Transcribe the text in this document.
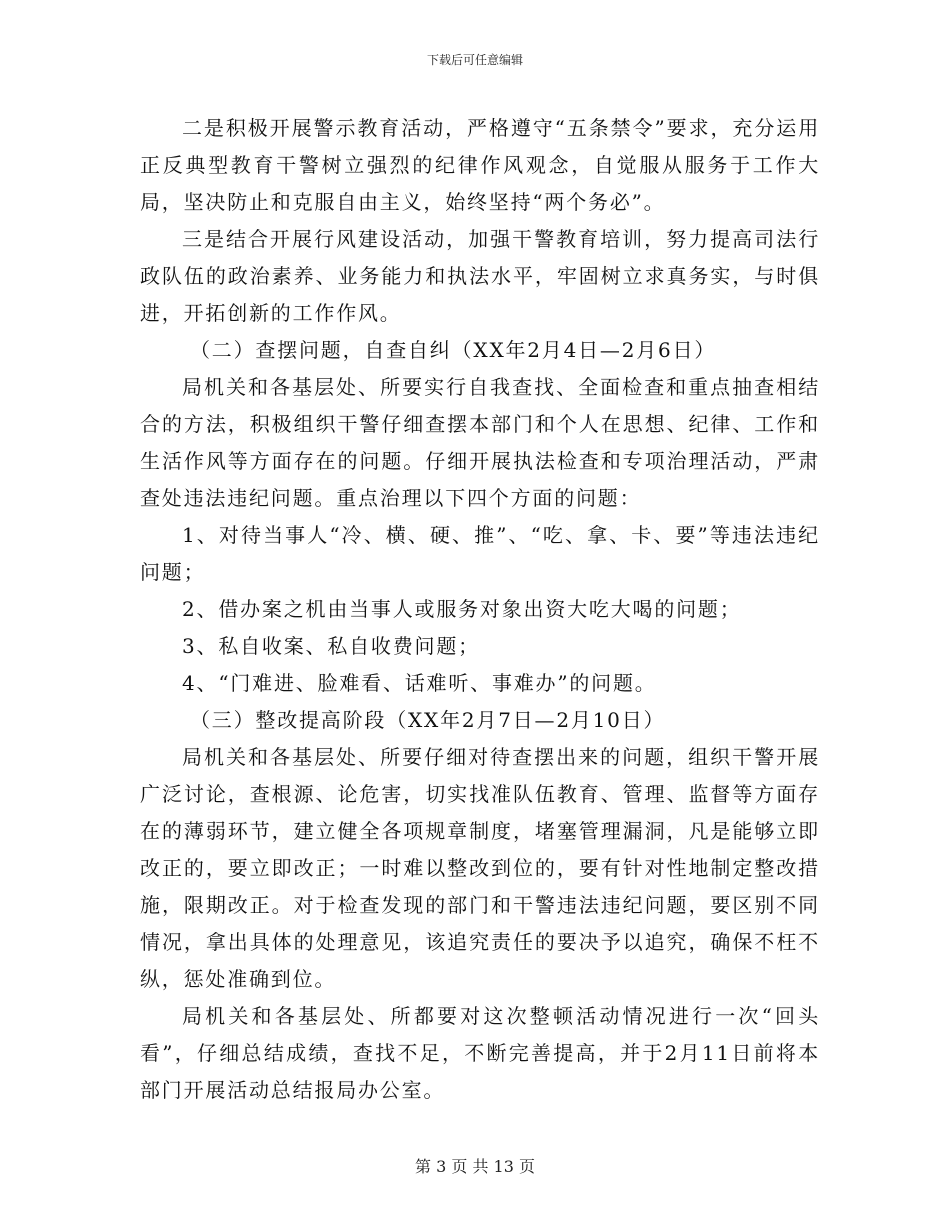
下载后可任意编辑

二是积极开展警示教育活动，严格遵守“五条禁令”要求，充分运用正反典型教育干警树立强烈的纪律作风观念，自觉服从服务于工作大局，坚决防止和克服自由主义，始终坚持“两个务必”。

三是结合开展行风建设活动，加强干警教育培训，努力提高司法行政队伍的政治素养、业务能力和执法水平，牢固树立求真务实，与时俱进，开拓创新的工作作风。

（二）查摆问题，自查自纠（XX年2月4日—2月6日）

局机关和各基层处、所要实行自我查找、全面检查和重点抽查相结合的方法，积极组织干警仔细查摆本部门和个人在思想、纪律、工作和生活作风等方面存在的问题。仔细开展执法检查和专项治理活动，严肃查处违法违纪问题。重点治理以下四个方面的问题：

1、对待当事人“冷、横、硬、推”、“吃、拿、卡、要”等违法违纪问题；

2、借办案之机由当事人或服务对象出资大吃大喝的问题；

3、私自收案、私自收费问题；

4、“门难进、脸难看、话难听、事难办”的问题。

（三）整改提高阶段（XX年2月7日—2月10日）

局机关和各基层处、所要仔细对待查摆出来的问题，组织干警开展广泛讨论，查根源、论危害，切实找准队伍教育、管理、监督等方面存在的薄弱环节，建立健全各项规章制度，堵塞管理漏洞，凡是能够立即改正的，要立即改正；一时难以整改到位的，要有针对性地制定整改措施，限期改正。对于检查发现的部门和干警违法违纪问题，要区别不同情况，拿出具体的处理意见，该追究责任的要决予以追究，确保不枉不纵，惩处准确到位。

局机关和各基层处、所都要对这次整顿活动情况进行一次“回头看”，仔细总结成绩，查找不足，不断完善提高，并于2月11日前将本部门开展活动总结报局办公室。

第 3 页 共 13 页
